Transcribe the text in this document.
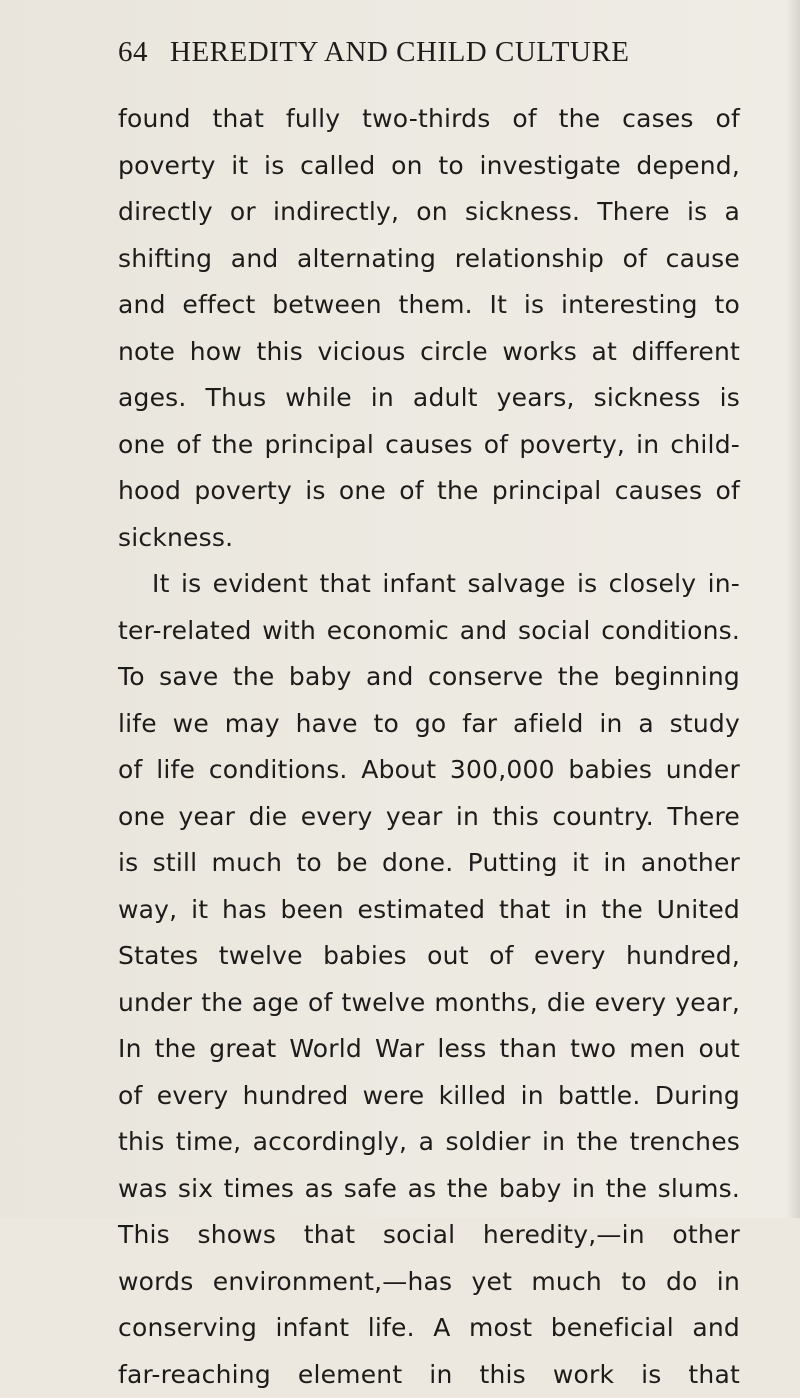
64 HEREDITY AND CHILD CULTURE
found that fully two-thirds of the cases of
poverty it is called on to investigate depend,
directly or indirectly, on sickness. There is a
shifting and alternating relationship of cause
and effect between them. It is interesting to
note how this vicious circle works at different
ages. Thus while in adult years, sickness is
one of the principal causes of poverty, in child-
hood poverty is one of the principal causes of
sickness.
It is evident that infant salvage is closely in-
ter-related with economic and social conditions.
To save the baby and conserve the beginning
life we may have to go far afield in a study
of life conditions. About 300,000 babies under
one year die every year in this country. There
is still much to be done. Putting it in another
way, it has been estimated that in the United
States twelve babies out of every hundred,
under the age of twelve months, die every year,
In the great World War less than two men out
of every hundred were killed in battle. During
this time, accordingly, a soldier in the trenches
was six times as safe as the baby in the slums.
This shows that social heredity,—in other
words environment,—has yet much to do in
conserving infant life. A most beneficial and
far-reaching element in this work is that
